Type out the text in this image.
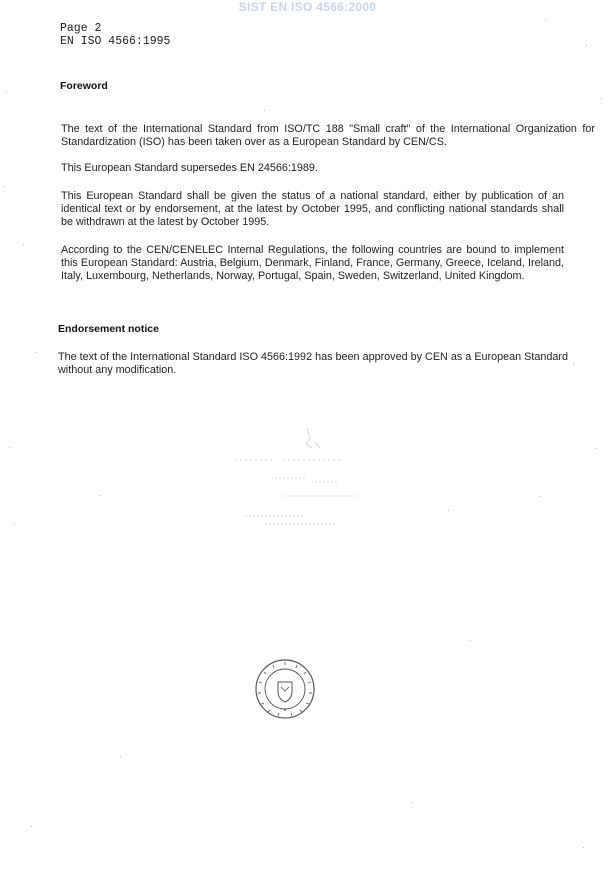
SIST EN ISO 4566:2000
Page 2
EN ISO 4566:1995
Foreword
The text of the International Standard from ISO/TC 188 "Small craft" of the International Organization for Standardization (ISO) has been taken over as a European Standard by CEN/CS.
This European Standard supersedes EN 24566:1989.
This European Standard shall be given the status of a national standard, either by publication of an identical text or by endorsement, at the latest by October 1995, and conflicting national standards shall be withdrawn at the latest by October 1995.
According to the CEN/CENELEC Internal Regulations, the following countries are bound to implement this European Standard: Austria, Belgium, Denmark, Finland, France, Germany, Greece, Iceland, Ireland, Italy, Luxembourg, Netherlands, Norway, Portugal, Spain, Sweden, Switzerland, United Kingdom.
Endorsement notice
The text of the International Standard ISO 4566:1992 has been approved by CEN as a European Standard without any modification.
